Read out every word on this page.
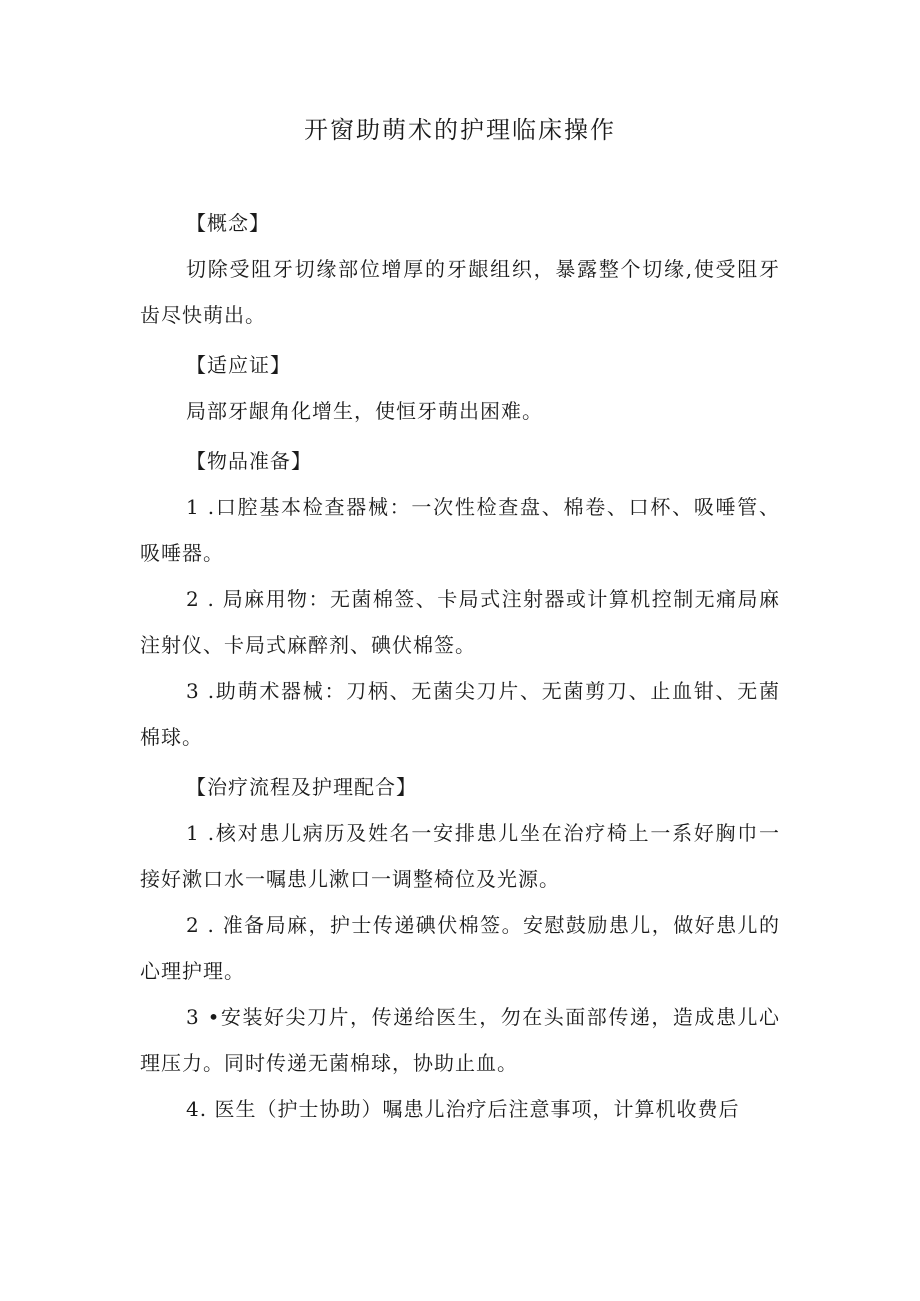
开窗助萌术的护理临床操作

【概念】

切除受阻牙切缘部位增厚的牙龈组织，暴露整个切缘,使受阻牙齿尽快萌出。

【适应证】

局部牙龈角化增生，使恒牙萌出困难。

【物品准备】

1 .口腔基本检查器械：一次性检查盘、棉卷、口杯、吸唾管、吸唾器。

2 . 局麻用物：无菌棉签、卡局式注射器或计算机控制无痛局麻注射仪、卡局式麻醉剂、碘伏棉签。

3 .助萌术器械：刀柄、无菌尖刀片、无菌剪刀、止血钳、无菌棉球。

【治疗流程及护理配合】

1 .核对患儿病历及姓名一安排患儿坐在治疗椅上一系好胸巾一接好漱口水一嘱患儿漱口一调整椅位及光源。

2 . 准备局麻，护士传递碘伏棉签。安慰鼓励患儿，做好患儿的心理护理。

3 •安装好尖刀片，传递给医生，勿在头面部传递，造成患儿心理压力。同时传递无菌棉球，协助止血。

4. 医生（护士协助）嘱患儿治疗后注意事项，计算机收费后
